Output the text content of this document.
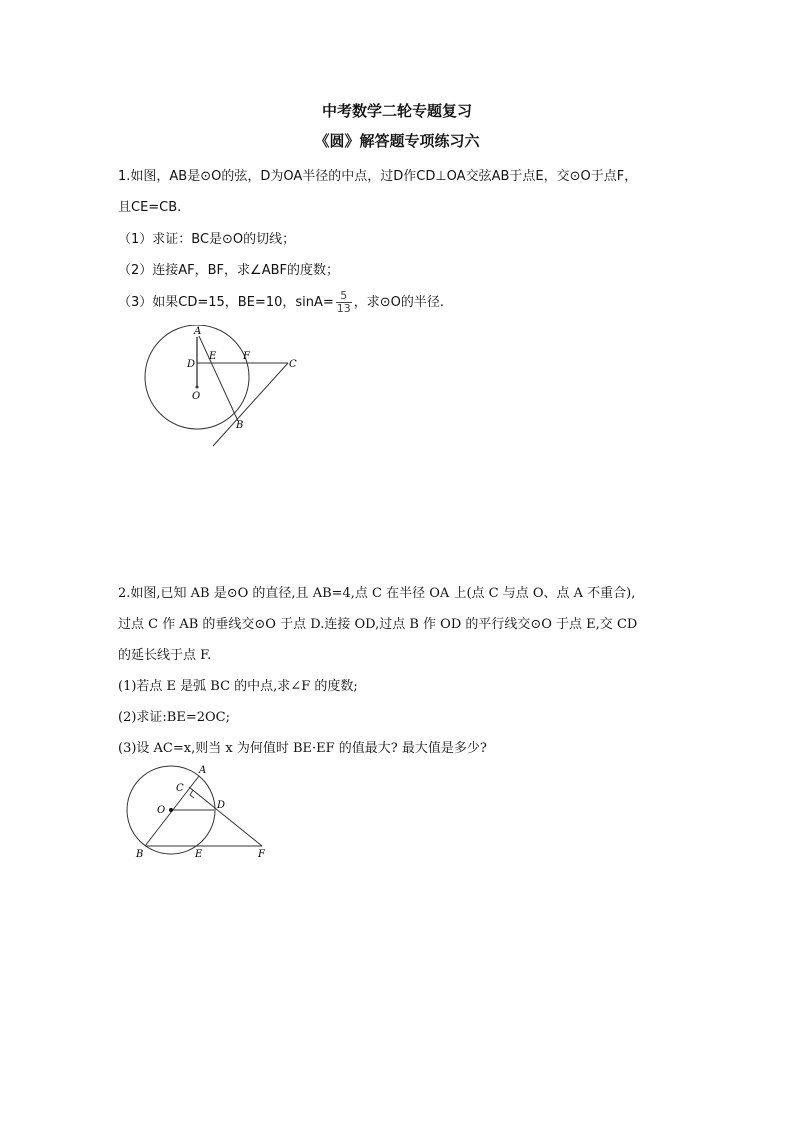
中考数学二轮专题复习
《圆》解答题专项练习六
1.如图，AB是⊙O的弦，D为OA半径的中点，过D作CD⊥OA交弦AB于点E，交⊙O于点F，
且CE=CB.
（1）求证：BC是⊙O的切线；
（2）连接AF，BF，求∠ABF的度数；
（3）如果CD=15，BE=10，$\sin A= \frac{5}{13}$ ，求⊙O的半径.
A
D
E	F
C
O
B
2.如图,已知 AB 是⊙O 的直径,且 AB=4,点 C 在半径 OA 上(点 C 与点 O、点 A 不重合),
过点 C 作 AB 的垂线交⊙O 于点 D.连接 OD,过点 B 作 OD 的平行线交⊙O 于点 E,交 CD
的延长线于点 F.
(1)若点 E 是弧 BC 的中点,求∠F 的度数;
(2)求证:BE=2OC;
(3)设 AC=x,则当 x 为何值时 BE·EF 的值最大? 最大值是多少?
A
C
O	D
B	E	F
